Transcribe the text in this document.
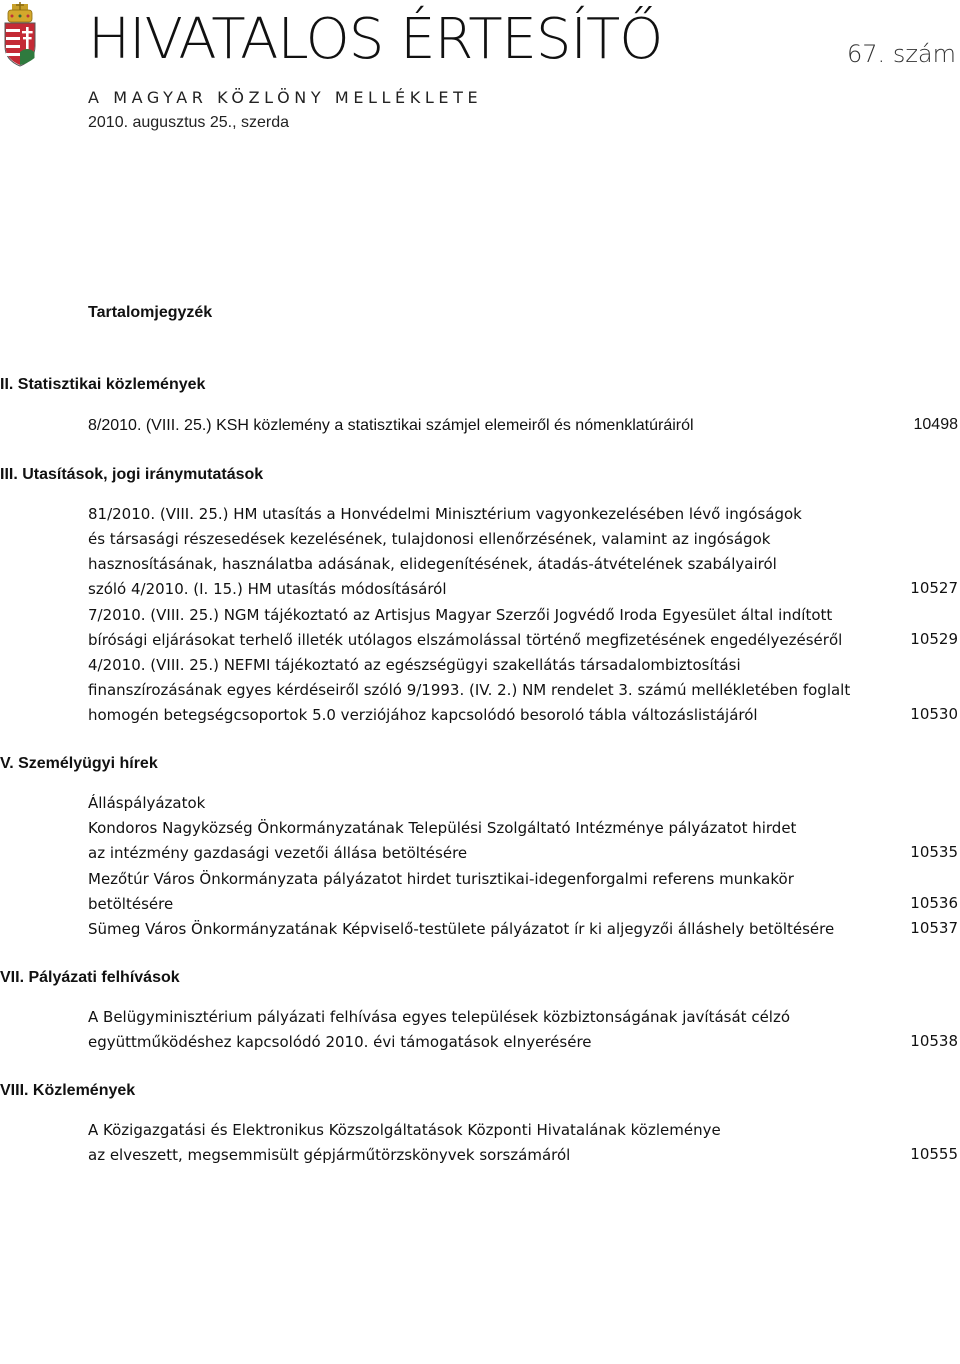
HIVATALOS ÉRTESÍTŐ	67. szám
A MAGYAR KÖZLÖNY MELLÉKLETE
2010. augusztus 25., szerda
Tartalomjegyzék
II. Statisztikai közlemények
8/2010. (VIII. 25.) KSH közlemény a statisztikai számjel elemeiről és nómenklatúráiról	10498
III. Utasítások, jogi iránymutatások
81/2010. (VIII. 25.) HM utasítás a Honvédelmi Minisztérium vagyonkezelésében lévő ingóságok
és társasági részesedések kezelésének, tulajdonosi ellenőrzésének, valamint az ingóságok
hasznosításának, használatba adásának, elidegenítésének, átadás-átvételének szabályairól
szóló 4/2010. (I. 15.) HM utasítás módosításáról	10527
7/2010. (VIII. 25.) NGM tájékoztató az Artisjus Magyar Szerzői Jogvédő Iroda Egyesület által indított
bírósági eljárásokat terhelő illeték utólagos elszámolással történő megfizetésének engedélyezéséről	10529
4/2010. (VIII. 25.) NEFMI tájékoztató az egészségügyi szakellátás társadalombiztosítási
finanszírozásának egyes kérdéseiről szóló 9/1993. (IV. 2.) NM rendelet 3. számú mellékletében foglalt
homogén betegségcsoportok 5.0 verziójához kapcsolódó besoroló tábla változáslistájáról	10530
V. Személyügyi hírek
Álláspályázatok
Kondoros Nagyközség Önkormányzatának Települési Szolgáltató Intézménye pályázatot hirdet
az intézmény gazdasági vezetői állása betöltésére	10535
Mezőtúr Város Önkormányzata pályázatot hirdet turisztikai-idegenforgalmi referens munkakör
betöltésére	10536
Sümeg Város Önkormányzatának Képviselő-testülete pályázatot ír ki aljegyzői álláshely betöltésére	10537
VII. Pályázati felhívások
A Belügyminisztérium pályázati felhívása egyes települések közbiztonságának javítását célzó
együttműködéshez kapcsolódó 2010. évi támogatások elnyerésére	10538
VIII. Közlemények
A Közigazgatási és Elektronikus Közszolgáltatások Központi Hivatalának közleménye
az elveszett, megsemmisült gépjárműtörzskönyvek sorszámáról	10555
